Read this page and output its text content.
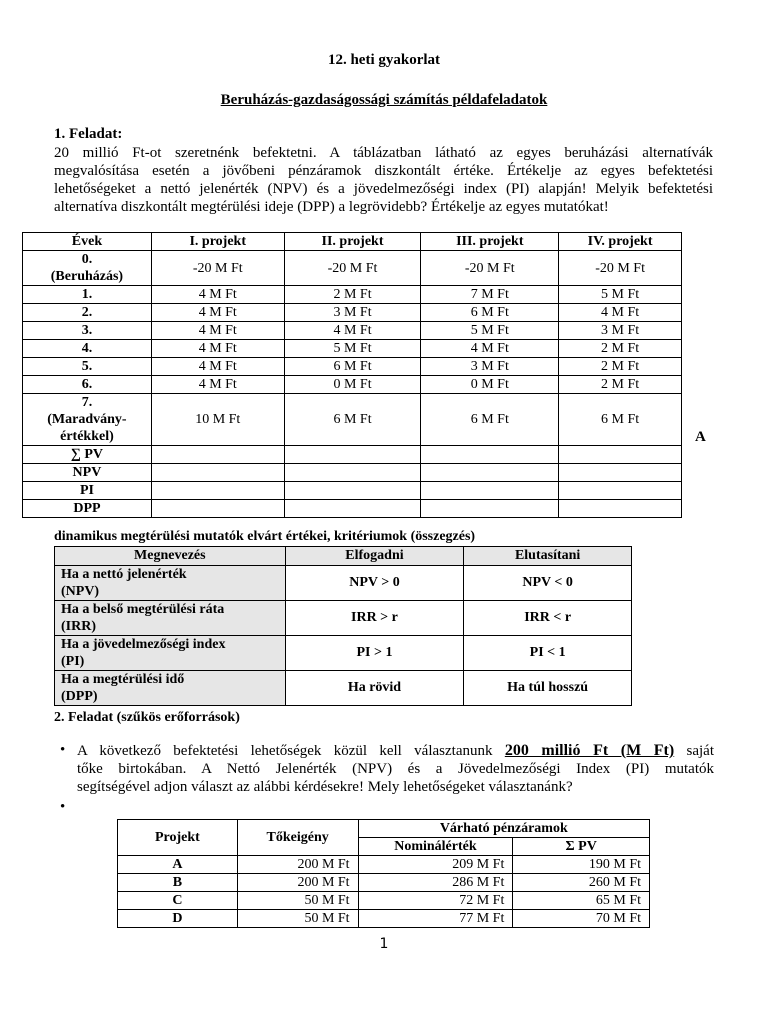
12. heti gyakorlat
Beruházás-gazdaságossági számítás példafeladatok
1. Feladat:
20 millió Ft-ot szeretnénk befektetni. A táblázatban látható az egyes beruházási alternatívák
megvalósítása esetén a jövőbeni pénzáramok diszkontált értéke. Értékelje az egyes befektetési
lehetőségeket a nettó jelenérték (NPV) és a jövedelmezőségi index (PI) alapján! Melyik befektetési
alternatíva diszkontált megtérülési ideje (DPP) a legrövidebb? Értékelje az egyes mutatókat!
Évek	I. projekt	II. projekt	III. projekt	IV. projekt

0.
(Beruházás)	-20 M Ft	-20 M Ft	-20 M Ft	-20 M Ft

1.	4 M Ft	2 M Ft	7 M Ft	5 M Ft

2.	4 M Ft	3 M Ft	6 M Ft	4 M Ft

3.	4 M Ft	4 M Ft	5 M Ft	3 M Ft

4.	4 M Ft	5 M Ft	4 M Ft	2 M Ft

5.	4 M Ft	6 M Ft	3 M Ft	2 M Ft

6.	4 M Ft	0 M Ft	0 M Ft	2 M Ft

7.
(Maradvány-
értékkel)	10 M Ft	6 M Ft	6 M Ft	6 M Ft

∑ PV				

NPV				

PI				

DPP				

A
dinamikus megtérülési mutatók elvárt értékei, kritériumok (összegzés)
Megnevezés	Elfogadni	Elutasítani

Ha a nettó jelenérték
(NPV)	NPV > 0	NPV < 0

Ha a belső megtérülési ráta
(IRR)	IRR > r	IRR < r

Ha a jövedelmezőségi index
(PI)	PI > 1	PI < 1

Ha a megtérülési idő
(DPP)	Ha rövid	Ha túl hosszú
2. Feladat (szűkös erőforrások)
• A következő befektetési lehetőségek közül kell választanunk 200 millió Ft (M Ft) saját
tőke birtokában. A Nettó Jelenérték (NPV) és a Jövedelmezőségi Index (PI) mutatók
segítségével adjon választ az alábbi kérdésekre! Mely lehetőségeket választanánk?
•
Projekt	Tőkeigény	Várható pénzáramok	
		Nominálérték	Σ PV
A	200 M Ft	209 M Ft	190 M Ft
B	200 M Ft	286 M Ft	260 M Ft
C	50 M Ft	72 M Ft	65 M Ft
D	50 M Ft	77 M Ft	70 M Ft
1
